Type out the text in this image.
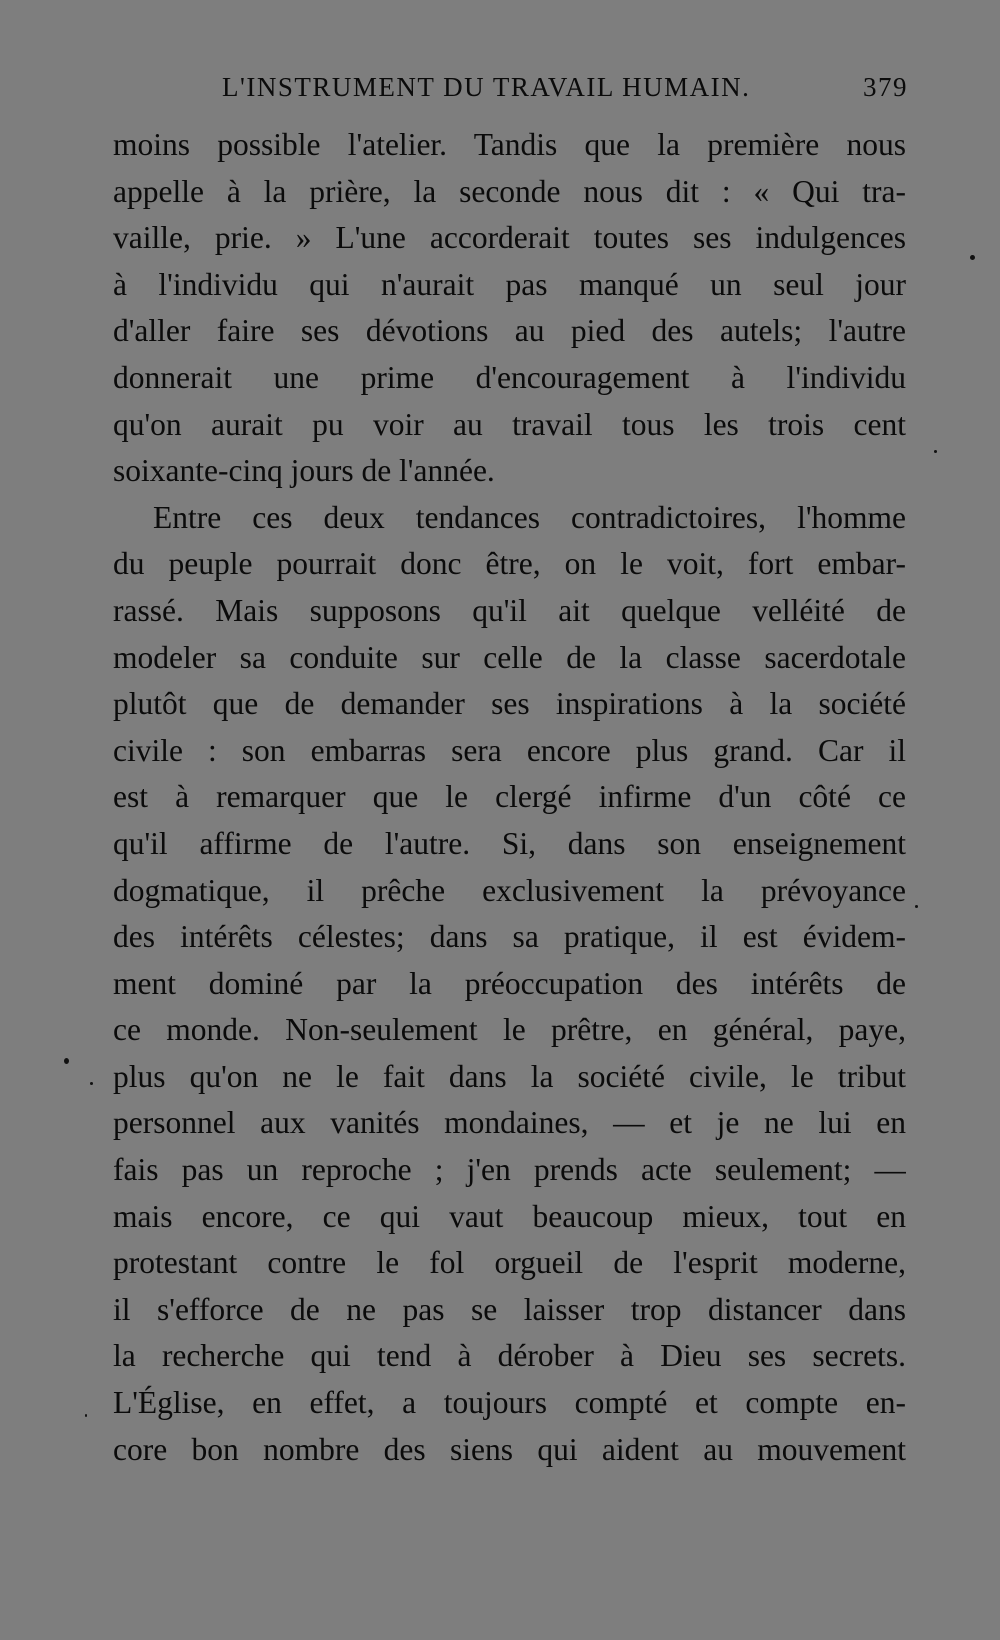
L'INSTRUMENT DU TRAVAIL HUMAIN.	379
moins possible l'atelier. Tandis que la première nous
appelle à la prière, la seconde nous dit : « Qui tra-
vaille, prie. » L'une accorderait toutes ses indulgences
à l'individu qui n'aurait pas manqué un seul jour
d'aller faire ses dévotions au pied des autels; l'autre
donnerait une prime d'encouragement à l'individu
qu'on aurait pu voir au travail tous les trois cent
soixante-cinq jours de l'année.
Entre ces deux tendances contradictoires, l'homme
du peuple pourrait donc être, on le voit, fort embar-
rassé. Mais supposons qu'il ait quelque velléité de
modeler sa conduite sur celle de la classe sacerdotale
plutôt que de demander ses inspirations à la société
civile : son embarras sera encore plus grand. Car il
est à remarquer que le clergé infirme d'un côté ce
qu'il affirme de l'autre. Si, dans son enseignement
dogmatique, il prêche exclusivement la prévoyance
des intérêts célestes; dans sa pratique, il est évidem-
ment dominé par la préoccupation des intérêts de
ce monde. Non-seulement le prêtre, en général, paye,
plus qu'on ne le fait dans la société civile, le tribut
personnel aux vanités mondaines, — et je ne lui en
fais pas un reproche ; j'en prends acte seulement; —
mais encore, ce qui vaut beaucoup mieux, tout en
protestant contre le fol orgueil de l'esprit moderne,
il s'efforce de ne pas se laisser trop distancer dans
la recherche qui tend à dérober à Dieu ses secrets.
L'Église, en effet, a toujours compté et compte en-
core bon nombre des siens qui aident au mouvement
